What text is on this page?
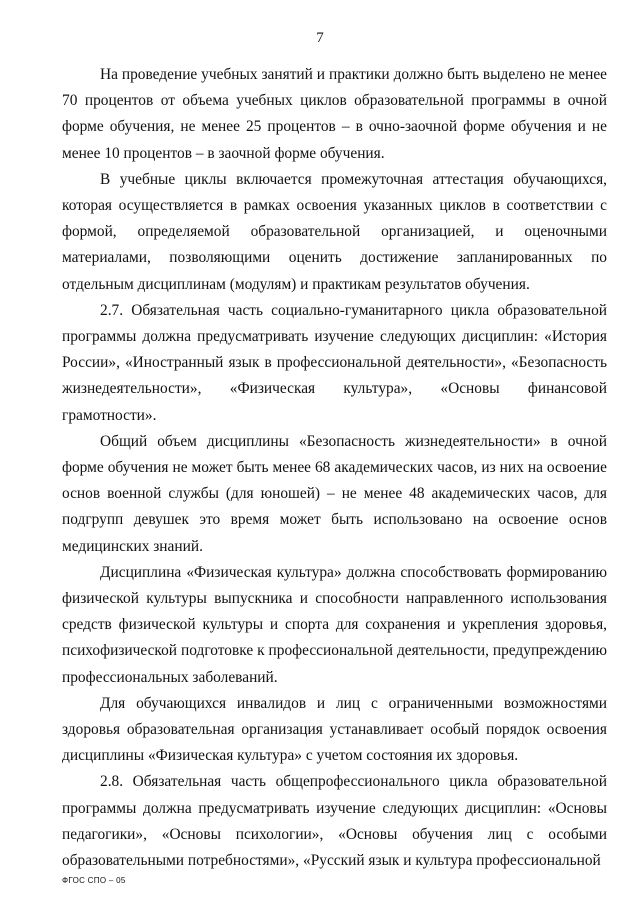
7

На проведение учебных занятий и практики должно быть выделено не менее 70 процентов от объема учебных циклов образовательной программы в очной форме обучения, не менее 25 процентов – в очно-заочной форме обучения и не менее 10 процентов – в заочной форме обучения.

В учебные циклы включается промежуточная аттестация обучающихся, которая осуществляется в рамках освоения указанных циклов в соответствии с формой, определяемой образовательной организацией, и оценочными материалами, позволяющими оценить достижение запланированных по отдельным дисциплинам (модулям) и практикам результатов обучения.

2.7. Обязательная часть социально-гуманитарного цикла образовательной программы должна предусматривать изучение следующих дисциплин: «История России», «Иностранный язык в профессиональной деятельности», «Безопасность жизнедеятельности», «Физическая культура», «Основы финансовой грамотности».

Общий объем дисциплины «Безопасность жизнедеятельности» в очной форме обучения не может быть менее 68 академических часов, из них на освоение основ военной службы (для юношей) – не менее 48 академических часов, для подгрупп девушек это время может быть использовано на освоение основ медицинских знаний.

Дисциплина «Физическая культура» должна способствовать формированию физической культуры выпускника и способности направленного использования средств физической культуры и спорта для сохранения и укрепления здоровья, психофизической подготовке к профессиональной деятельности, предупреждению профессиональных заболеваний.

Для обучающихся инвалидов и лиц с ограниченными возможностями здоровья образовательная организация устанавливает особый порядок освоения дисциплины «Физическая культура» с учетом состояния их здоровья.

2.8. Обязательная часть общепрофессионального цикла образовательной программы должна предусматривать изучение следующих дисциплин: «Основы педагогики», «Основы психологии», «Основы обучения лиц с особыми образовательными потребностями», «Русский язык и культура профессиональной

ФГОС СПО – 05
